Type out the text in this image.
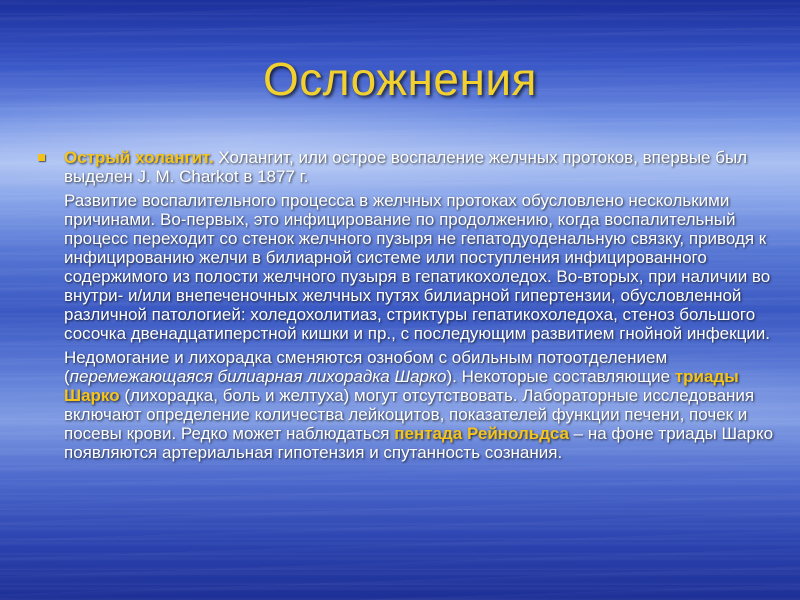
Осложнения

Острый холангит. Холангит, или острое воспаление желчных протоков, впервые был выделен J. M. Charkot в 1877 г.

Развитие воспалительного процесса в желчных протоках обусловлено несколькими причинами. Во-первых, это инфицирование по продолжению, когда воспалительный процесс переходит со стенок желчного пузыря не гепатодуоденальную связку, приводя к инфицированию желчи в билиарной системе или поступления инфицированного содержимого из полости желчного пузыря в гепатикохоледох. Во-вторых, при наличии во внутри- и/или внепеченочных желчных путях билиарной гипертензии, обусловленной различной патологией: холедохолитиаз, стриктуры гепатикохоледоха, стеноз большого сосочка двенадцатиперстной кишки и пр., с последующим развитием гнойной инфекции.

Недомогание и лихорадка сменяются ознобом с обильным потоотделением (перемежающаяся билиарная лихорадка Шарко). Некоторые составляющие триады Шарко (лихорадка, боль и желтуха) могут отсутствовать. Лабораторные исследования включают определение количества лейкоцитов, показателей функции печени, почек и посевы крови. Редко может наблюдаться пентада Рейнольдса – на фоне триады Шарко появляются артериальная гипотензия и спутанность сознания.
